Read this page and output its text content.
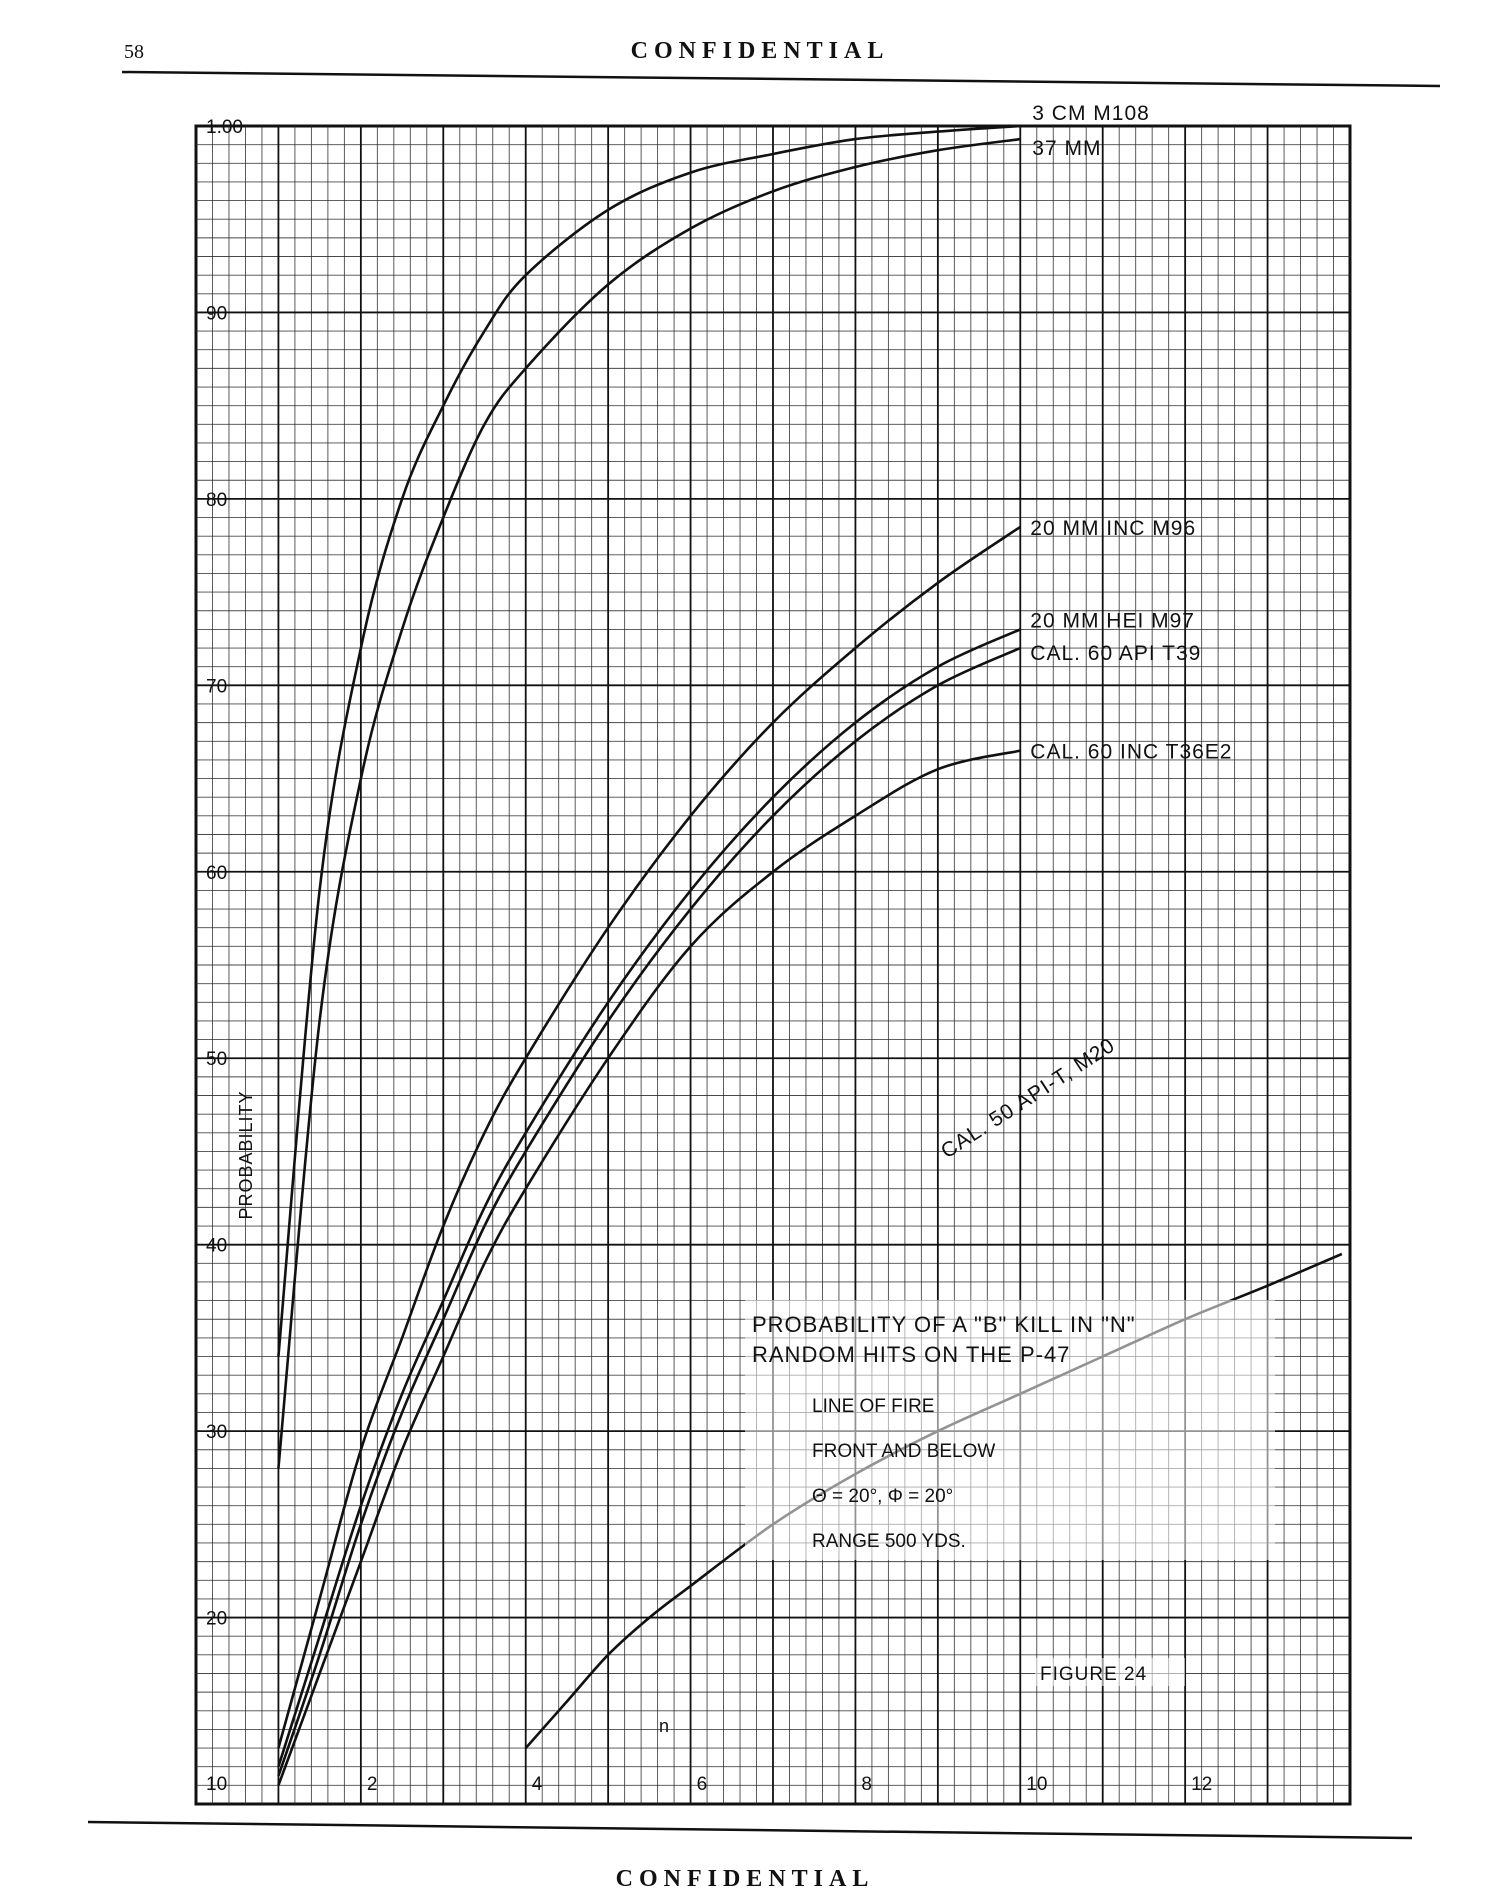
58	CONFIDENTIAL
CONFIDENTIAL
20
30
40
50
60
70
80
90
1.00
10	2	4	6	8	10	12
3 CM M108
37 MM
20 MM INC M96
20 MM HEI M97
CAL. 60 API T39
CAL. 60 INC T36E2
CAL. 50 API-T, M20
PROBABILITY
n
PROBABILITY OF A "B" KILL IN "N"
RANDOM HITS ON THE P-47
LINE OF FIRE
FRONT AND BELOW
Θ = 20°, Φ = 20°
RANGE 500 YDS.
FIGURE 24
